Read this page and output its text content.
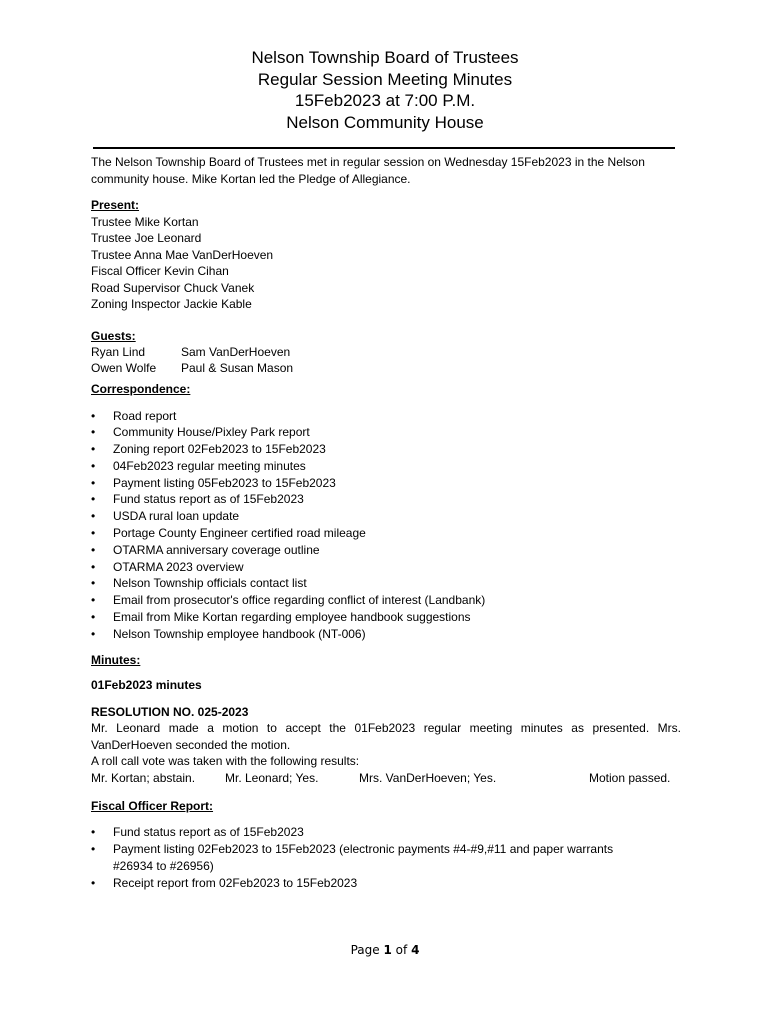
Nelson Township Board of Trustees
Regular Session Meeting Minutes
15Feb2023 at 7:00 P.M.
Nelson Community House
The Nelson Township Board of Trustees met in regular session on Wednesday 15Feb2023 in the Nelson
community house. Mike Kortan led the Pledge of Allegiance.
Present:
Trustee Mike Kortan
Trustee Joe Leonard
Trustee Anna Mae VanDerHoeven
Fiscal Officer Kevin Cihan
Road Supervisor Chuck Vanek
Zoning Inspector Jackie Kable
Guests:
Ryan Lind	Sam VanDerHoeven
Owen Wolfe	Paul & Susan Mason
Correspondence:
• Road report
• Community House/Pixley Park report
• Zoning report 02Feb2023 to 15Feb2023
• 04Feb2023 regular meeting minutes
• Payment listing 05Feb2023 to 15Feb2023
• Fund status report as of 15Feb2023
• USDA rural loan update
• Portage County Engineer certified road mileage
• OTARMA anniversary coverage outline
• OTARMA 2023 overview
• Nelson Township officials contact list
• Email from prosecutor's office regarding conflict of interest (Landbank)
• Email from Mike Kortan regarding employee handbook suggestions
• Nelson Township employee handbook (NT-006)
Minutes:
01Feb2023 minutes
RESOLUTION NO. 025-2023
Mr. Leonard made a motion to accept the 01Feb2023 regular meeting minutes as presented. Mrs.
VanDerHoeven seconded the motion.
A roll call vote was taken with the following results:
Mr. Kortan; abstain.	Mr. Leonard; Yes.	Mrs. VanDerHoeven; Yes.	Motion passed.
Fiscal Officer Report:
• Fund status report as of 15Feb2023
• Payment listing 02Feb2023 to 15Feb2023 (electronic payments #4-#9,#11 and paper warrants
#26934 to #26956)
• Receipt report from 02Feb2023 to 15Feb2023
Page 1 of 4
